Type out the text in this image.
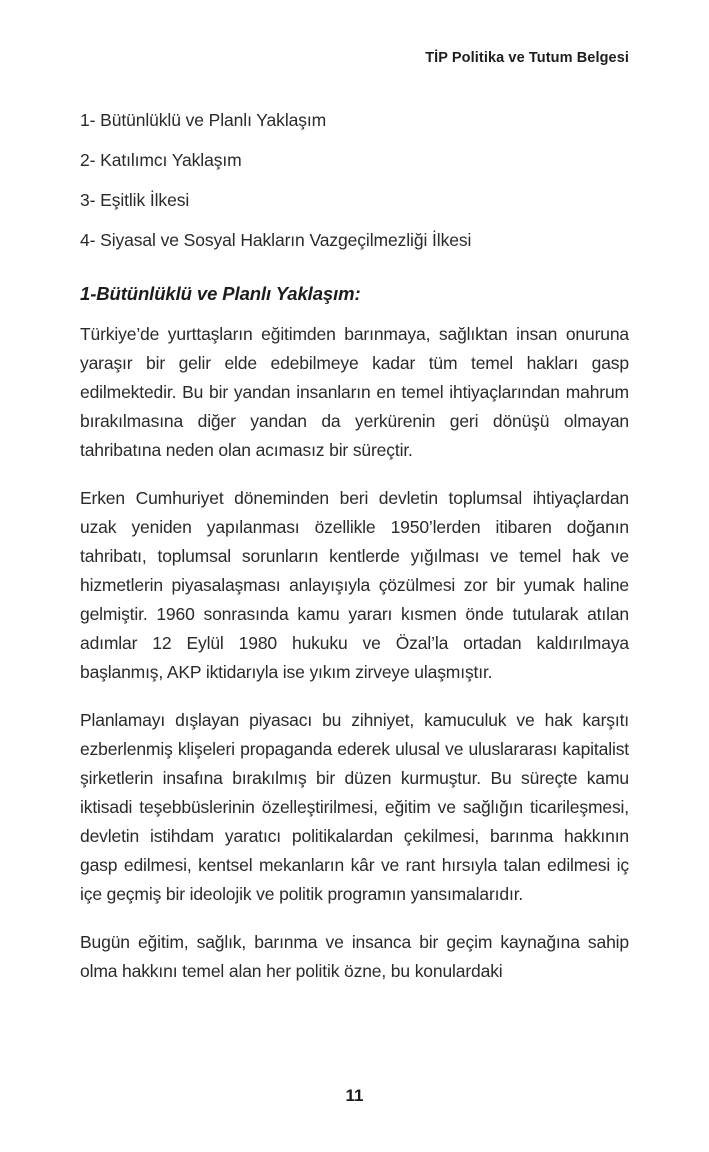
TİP Politika ve Tutum Belgesi
1- Bütünlüklü ve Planlı Yaklaşım
2- Katılımcı Yaklaşım
3- Eşitlik İlkesi
4- Siyasal ve Sosyal Hakların Vazgeçilmezliği İlkesi
1-Bütünlüklü ve Planlı Yaklaşım:

Türkiye’de yurttaşların eğitimden barınmaya, sağlıktan insan onuruna yaraşır bir gelir elde edebilmeye kadar tüm temel hakları gasp edilmektedir. Bu bir yandan insanların en temel ihtiyaçlarından mahrum bırakılmasına diğer yandan da yerkürenin geri dönüşü olmayan tahribatına neden olan acımasız bir süreçtir.

Erken Cumhuriyet döneminden beri devletin toplumsal ihtiyaçlardan uzak yeniden yapılanması özellikle 1950’lerden itibaren doğanın tahribatı, toplumsal sorunların kentlerde yığılması ve temel hak ve hizmetlerin piyasalaşması anlayışıyla çözülmesi zor bir yumak haline gelmiştir. 1960 sonrasında kamu yararı kısmen önde tutularak atılan adımlar 12 Eylül 1980 hukuku ve Özal’la ortadan kaldırılmaya başlanmış, AKP iktidarıyla ise yıkım zirveye ulaşmıştır.

Planlamayı dışlayan piyasacı bu zihniyet, kamuculuk ve hak karşıtı ezberlenmiş klişeleri propaganda ederek ulusal ve uluslararası kapitalist şirketlerin insafına bırakılmış bir düzen kurmuştur. Bu süreçte kamu iktisadi teşebbüslerinin özelleştirilmesi, eğitim ve sağlığın ticarileşmesi, devletin istihdam yaratıcı politikalardan çekilmesi, barınma hakkının gasp edilmesi, kentsel mekanların kâr ve rant hırsıyla talan edilmesi iç içe geçmiş bir ideolojik ve politik programın yansımalarıdır.

Bugün eğitim, sağlık, barınma ve insanca bir geçim kaynağına sahip olma hakkını temel alan her politik özne, bu konulardaki

11
